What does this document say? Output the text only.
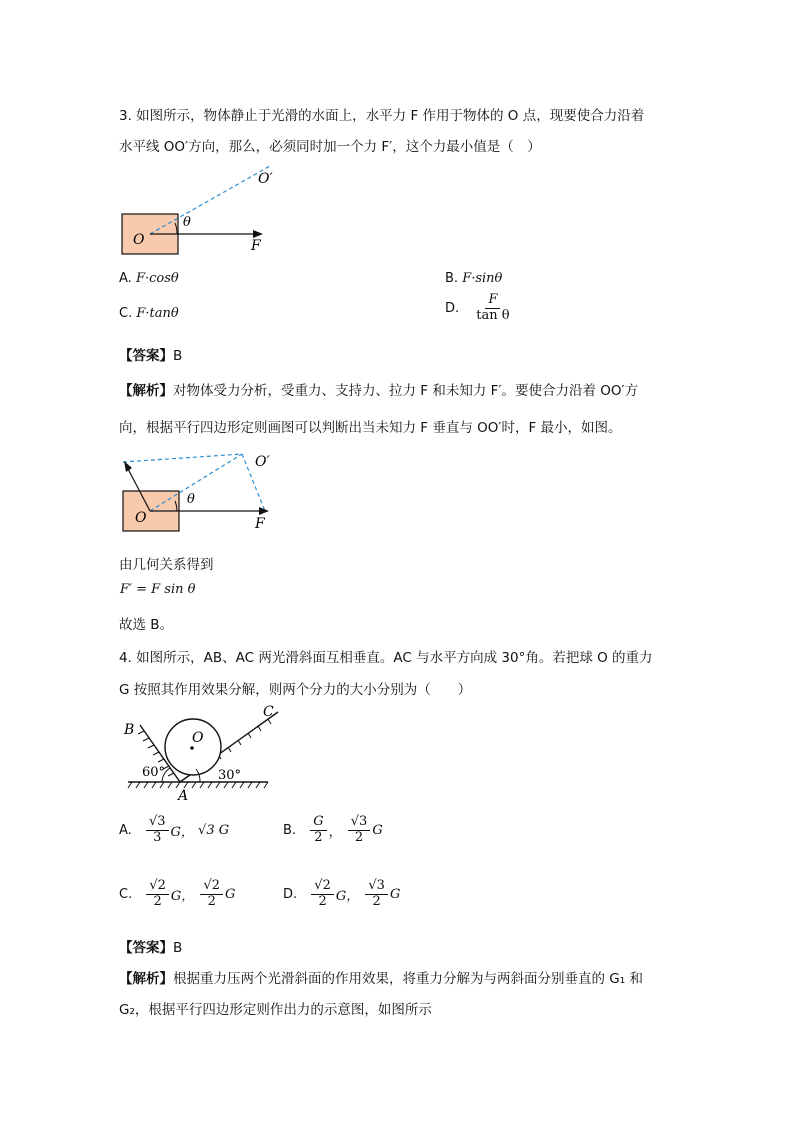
3. 如图所示，物体静止于光滑的水面上，水平力 F 作用于物体的 O 点，现要使合力沿着
水平线 OO′方向，那么，必须同时加一个力 F′，这个力最小值是（　）
O′
θ
O	F
A. F·cosθ	B. F·sinθ
C. F·tanθ	D. $\frac{F}{\text{tan θ}}$
【答案】B
【解析】对物体受力分析，受重力、支持力、拉力 F 和未知力 F′。要使合力沿着 OO′方
向，根据平行四边形定则画图可以判断出当未知力 F 垂直与 OO′时，F 最小，如图。
O′
θ
O	F
由几何关系得到
F′ = F sin θ
故选 B。
4. 如图所示，AB、AC 两光滑斜面互相垂直。AC 与水平方向成 30°角。若把球 O 的重力
G 按照其作用效果分解，则两个分力的大小分别为（　　）
B
C
O
A
60°	30°
A. $\frac{√3}{3}$ G， √3 G	B. $\frac{G}{2}$ ， $\frac{√3}{2}$ G
C. $\frac{√2}{2}$ G， $\frac{√2}{2}$ G	D. $\frac{√2}{2}$ G， $\frac{√3}{2}$ G
【答案】B
【解析】根据重力压两个光滑斜面的作用效果，将重力分解为与两斜面分别垂直的 G₁ 和
G₂，根据平行四边形定则作出力的示意图，如图所示
